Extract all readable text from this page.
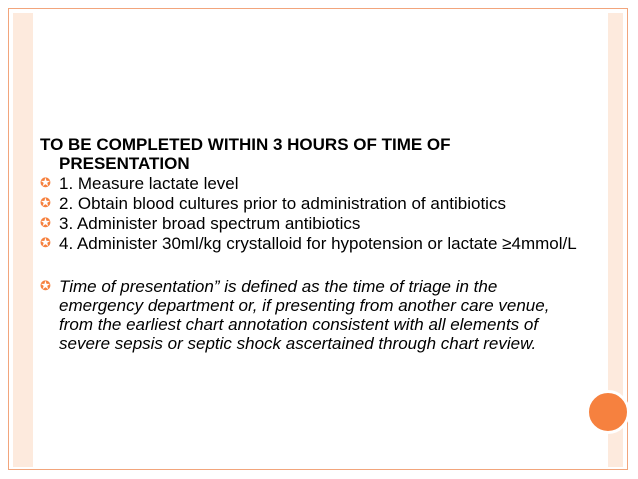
TO BE COMPLETED WITHIN 3 HOURS OF TIME OF PRESENTATION
✪ 1. Measure lactate level
✪ 2. Obtain blood cultures prior to administration of antibiotics
✪ 3. Administer broad spectrum antibiotics
✪ 4. Administer 30ml/kg crystalloid for hypotension or lactate ≥4mmol/L
✪ Time of presentation” is defined as the time of triage in the emergency department or, if presenting from another care venue, from the earliest chart annotation consistent with all elements of severe sepsis or septic shock ascertained through chart review.
